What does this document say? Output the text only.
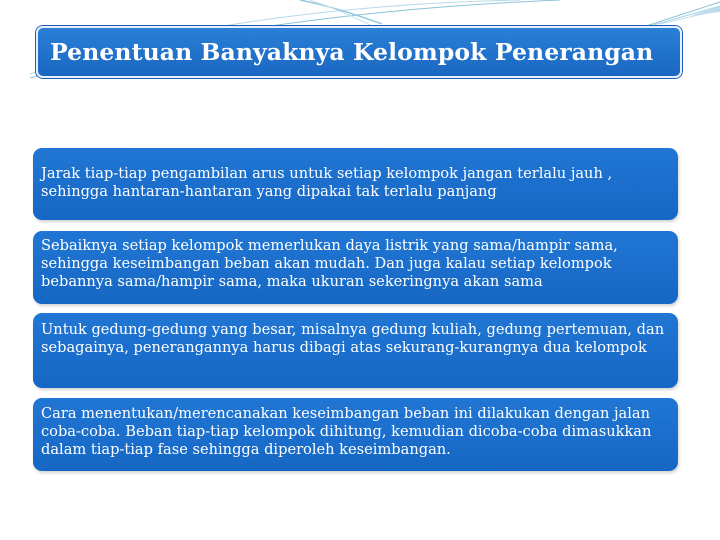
Penentuan Banyaknya Kelompok Penerangan

Jarak tiap‑tiap pengambilan arus untuk setiap kelompok jangan terlalu jauh , sehingga hantaran‑hantaran yang dipakai tak terlalu panjang

Sebaiknya setiap kelompok memerlukan daya listrik yang sama/hampir sama, sehingga keseimbangan beban akan mudah. Dan juga kalau setiap kelompok bebannya sama/hampir sama, maka ukuran sekeringnya akan sama

Untuk gedung‑gedung yang besar, misalnya gedung kuliah, gedung pertemuan, dan sebagainya, penerangannya harus dibagi atas sekurang‑kurangnya dua kelompok

Cara menentukan/merencanakan keseimbangan beban ini dilakukan dengan jalan coba‑coba. Beban tiap‑tiap kelompok dihitung, kemudian dicoba‑coba dimasukkan dalam tiap‑tiap fase sehingga diperoleh keseimbangan.
